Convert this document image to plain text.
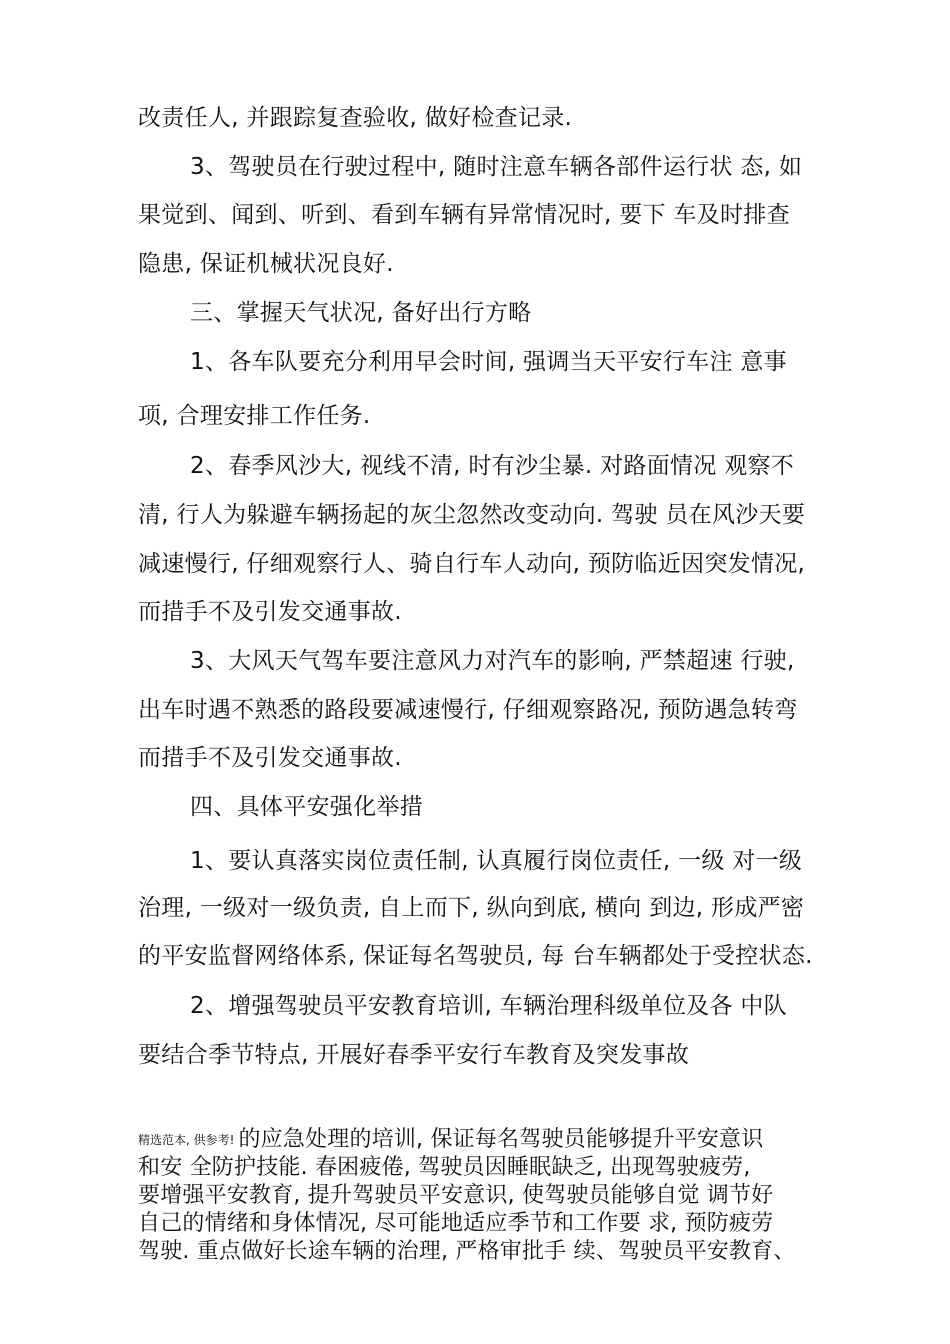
改责任人, 并跟踪复查验收, 做好检查记录.
3、驾驶员在行驶过程中, 随时注意车辆各部件运行状 态, 如
果觉到、闻到、听到、看到车辆有异常情况时, 要下 车及时排查
隐患, 保证机械状况良好.
三、掌握天气状况, 备好出行方略
1、各车队要充分利用早会时间, 强调当天平安行车注 意事
项, 合理安排工作任务.
2、春季风沙大, 视线不清, 时有沙尘暴. 对路面情况 观察不
清, 行人为躲避车辆扬起的灰尘忽然改变动向. 驾驶 员在风沙天要
减速慢行, 仔细观察行人、骑自行车人动向, 预防临近因突发情况,
而措手不及引发交通事故.
3、大风天气驾车要注意风力对汽车的影响, 严禁超速 行驶,
出车时遇不熟悉的路段要减速慢行, 仔细观察路况, 预防遇急转弯
而措手不及引发交通事故.
四、具体平安强化举措
1、要认真落实岗位责任制, 认真履行岗位责任, 一级 对一级
治理, 一级对一级负责, 自上而下, 纵向到底, 横向 到边, 形成严密
的平安监督网络体系, 保证每名驾驶员, 每 台车辆都处于受控状态.
2、增强驾驶员平安教育培训, 车辆治理科级单位及各 中队
要结合季节特点, 开展好春季平安行车教育及突发事故
精选范本, 供参考! 的应急处理的培训, 保证每名驾驶员能够提升平安意识
和安 全防护技能. 春困疲倦, 驾驶员因睡眠缺乏, 出现驾驶疲劳,
要增强平安教育, 提升驾驶员平安意识, 使驾驶员能够自觉 调节好
自己的情绪和身体情况, 尽可能地适应季节和工作要 求, 预防疲劳
驾驶. 重点做好长途车辆的治理, 严格审批手 续、驾驶员平安教育、
